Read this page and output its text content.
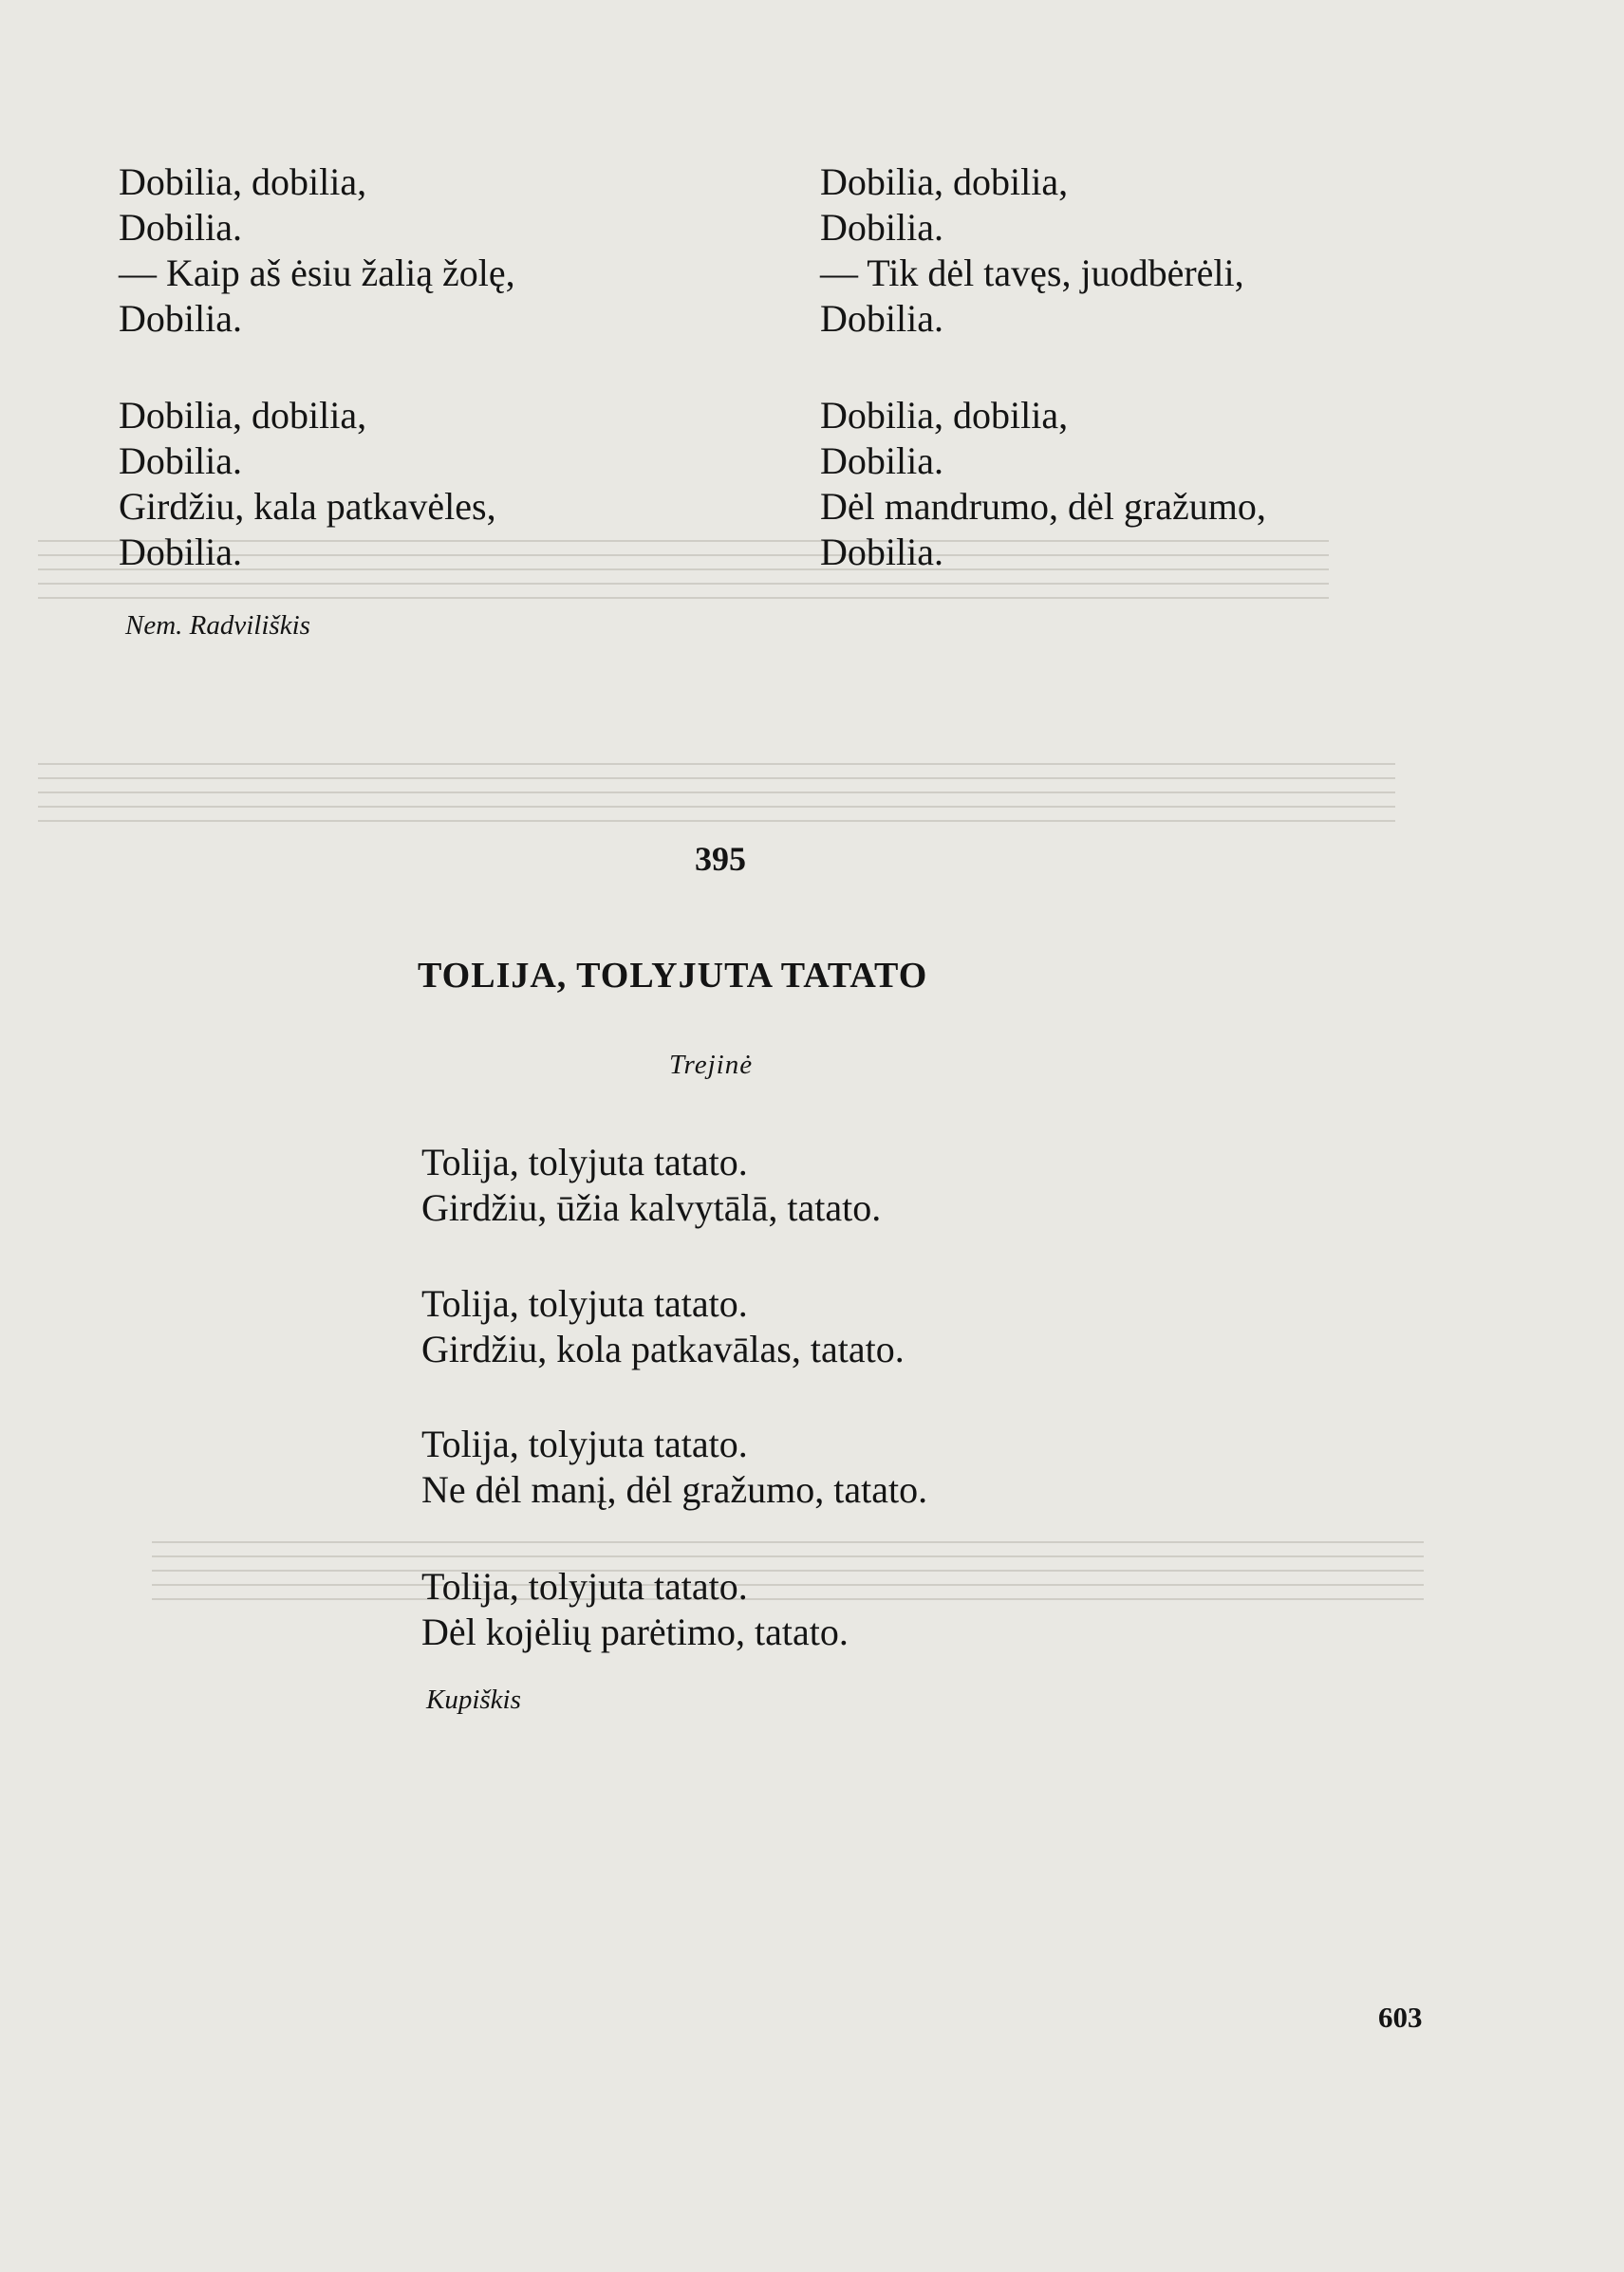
Dobilia, dobilia,
Dobilia.
— Kaip aš ėsiu žalią žolę,
Dobilia.
Dobilia, dobilia,
Dobilia.
Girdžiu, kala patkavėles,
Dobilia.
Dobilia, dobilia,
Dobilia.
— Tik dėl tavęs, juodbėrėli,
Dobilia.
Dobilia, dobilia,
Dobilia.
Dėl mandrumo, dėl gražumo,
Dobilia.
Nem. Radviliškis
395
TOLIJA, TOLYJUTA TATATO
Trejinė
Tolija, tolyjuta tatato.
Girdžiu, ūžia kalvytālā, tatato.
Tolija, tolyjuta tatato.
Girdžiu, kola patkavālas, tatato.
Tolija, tolyjuta tatato.
Ne dėl manį, dėl gražumo, tatato.
Tolija, tolyjuta tatato.
Dėl kojėlių parėtimo, tatato.
Kupiškis
603
